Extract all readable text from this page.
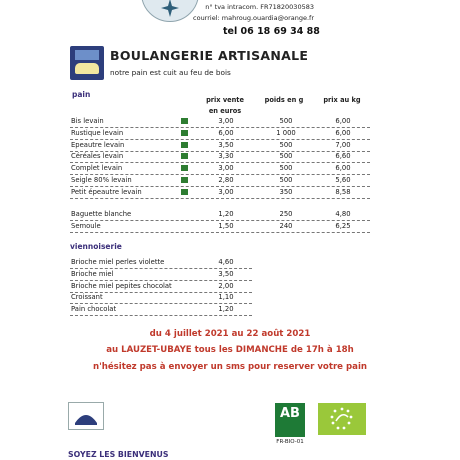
n° tva intracom. FR71820030583
courriel: mahroug.ouardia@orange.fr
tel 06 18 69 34 88
BOULANGERIE ARTISANALE
notre pain est cuit au feu de bois
pain
prix vente
en euros
poids en g	prix au kg
Bis levain	3,00	500	6,00
Rustique levain	6,00	1 000	6,00
Epeautre levain	3,50	500	7,00
Céréales levain	3,30	500	6,60
Complet levain	3,00	500	6,00
Seigle 80% levain	2,80	500	5,60
Petit épeautre levain	3,00	350	8,58
Baguette blanche	1,20	250	4,80
Semoule	1,50	240	6,25
viennoiserie
Brioche miel perles violette	4,60
Brioche miel	3,50
Brioche miel pepites chocolat	2,00
Croissant	1,10
Pain chocolat	1,20
du 4 juillet 2021 au 22 août 2021
au LAUZET-UBAYE tous les DIMANCHE de 17h à 18h
n'hésitez pas à envoyer un sms pour reserver votre pain
AB
FR-BIO-01
SOYEZ LES BIENVENUS
